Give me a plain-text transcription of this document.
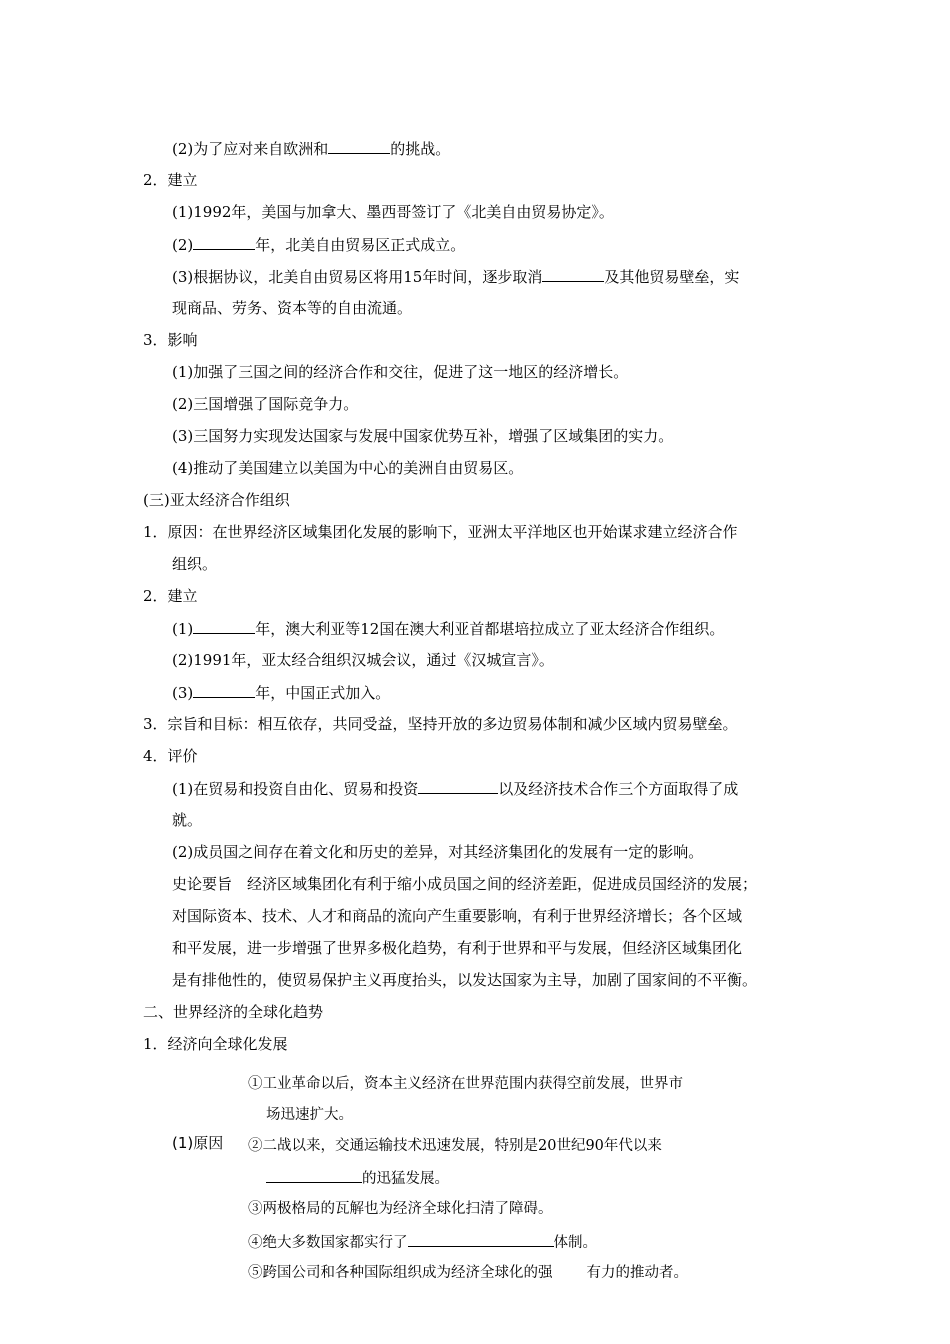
(2)为了应对来自欧洲和	的挑战。
2．建立
(1)1992年，美国与加拿大、墨西哥签订了《北美自由贸易协定》。
(2)	年，北美自由贸易区正式成立。
(3)根据协议，北美自由贸易区将用15年时间，逐步取消	及其他贸易壁垒，实
现商品、劳务、资本等的自由流通。
3．影响
(1)加强了三国之间的经济合作和交往，促进了这一地区的经济增长。
(2)三国增强了国际竞争力。
(3)三国努力实现发达国家与发展中国家优势互补，增强了区域集团的实力。
(4)推动了美国建立以美国为中心的美洲自由贸易区。
(三)亚太经济合作组织
1．原因：在世界经济区域集团化发展的影响下，亚洲太平洋地区也开始谋求建立经济合作
组织。
2．建立
(1)	年，澳大利亚等12国在澳大利亚首都堪培拉成立了亚太经济合作组织。
(2)1991年，亚太经合组织汉城会议，通过《汉城宣言》。
(3)	年，中国正式加入。
3．宗旨和目标：相互依存，共同受益，坚持开放的多边贸易体制和减少区域内贸易壁垒。
4．评价
(1)在贸易和投资自由化、贸易和投资	以及经济技术合作三个方面取得了成
就。
(2)成员国之间存在着文化和历史的差异，对其经济集团化的发展有一定的影响。
史论要旨　经济区域集团化有利于缩小成员国之间的经济差距，促进成员国经济的发展；
对国际资本、技术、人才和商品的流向产生重要影响，有利于世界经济增长；各个区域
和平发展，进一步增强了世界多极化趋势，有利于世界和平与发展，但经济区域集团化
是有排他性的，使贸易保护主义再度抬头，以发达国家为主导，加剧了国家间的不平衡。
二、世界经济的全球化趋势
1．经济向全球化发展
(1)原因
①工业革命以后，资本主义经济在世界范围内获得空前发展，世界市
场迅速扩大。
②二战以来，交通运输技术迅速发展，特别是20世纪90年代以来
的迅猛发展。
③两极格局的瓦解也为经济全球化扫清了障碍。
④绝大多数国家都实行了	体制。
⑤跨国公司和各种国际组织成为经济全球化的强 有力的推动者。
